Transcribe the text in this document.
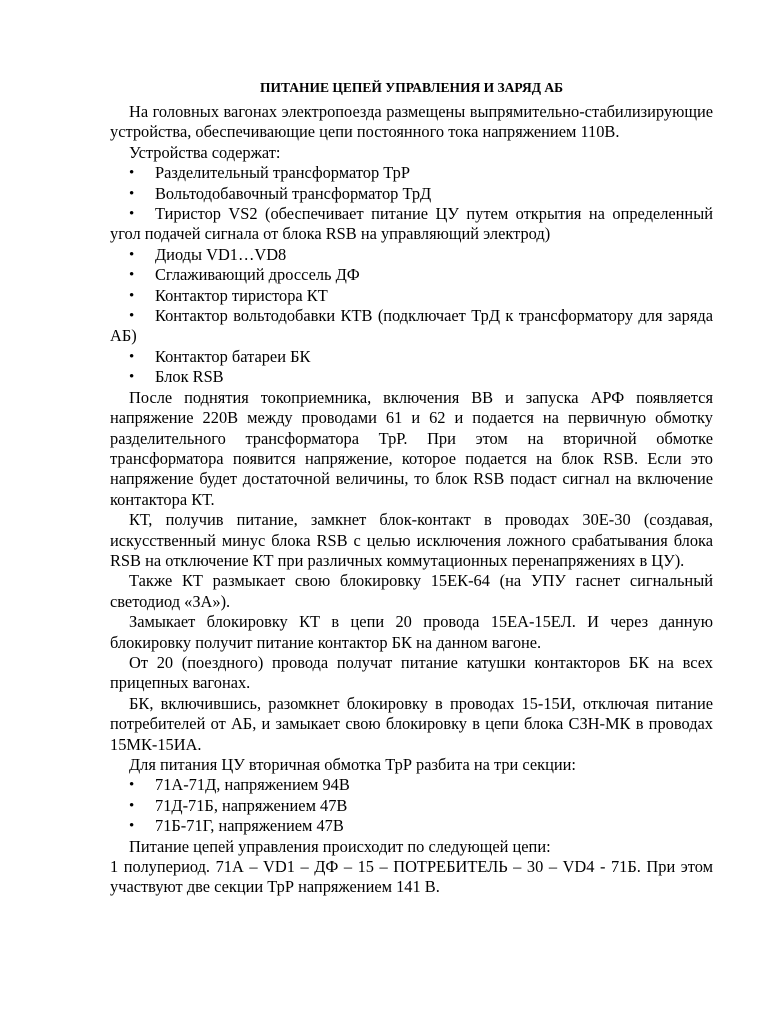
ПИТАНИЕ ЦЕПЕЙ УПРАВЛЕНИЯ И ЗАРЯД АБ

На головных вагонах электропоезда размещены выпрямительно-стабилизирующие устройства, обеспечивающие цепи постоянного тока напряжением 110В.

Устройства содержат:

• Разделительный трансформатор ТрР
• Вольтодобавочный трансформатор ТрД
• Тиристор VS2 (обеспечивает питание ЦУ путем открытия на определенный угол подачей сигнала от блока RSB на управляющий электрод)
• Диоды VD1…VD8
• Сглаживающий дроссель ДФ
• Контактор тиристора КТ
• Контактор вольтодобавки КТВ (подключает ТрД к трансформатору для заряда АБ)
• Контактор батареи БК
• Блок RSB

После поднятия токоприемника, включения ВВ и запуска АРФ появляется напряжение 220В между проводами 61 и 62 и подается на первичную обмотку разделительного трансформатора ТрР. При этом на вторичной обмотке трансформатора появится напряжение, которое подается на блок RSB. Если это напряжение будет достаточной величины, то блок RSB подаст сигнал на включение контактора КТ.

КТ, получив питание, замкнет блок-контакт в проводах 30Е-30 (создавая, искусственный минус блока RSB с целью исключения ложного срабатывания блока RSB на отключение КТ при различных коммутационных перенапряжениях в ЦУ).

Также КТ размыкает свою блокировку 15ЕК-64 (на УПУ гаснет сигнальный светодиод «ЗА»).

Замыкает блокировку КТ в цепи 20 провода 15ЕА-15ЕЛ. И через данную блокировку получит питание контактор БК на данном вагоне.

От 20 (поездного) провода получат питание катушки контакторов БК на всех прицепных вагонах.

БК, включившись, разомкнет блокировку в проводах 15-15И, отключая питание потребителей от АБ, и замыкает свою блокировку в цепи блока СЗН-МК в проводах 15МК-15ИА.

Для питания ЦУ вторичная обмотка ТрР разбита на три секции:

• 71А-71Д, напряжением 94В
• 71Д-71Б, напряжением 47В
• 71Б-71Г, напряжением 47В

Питание цепей управления происходит по следующей цепи:

1 полупериод. 71А – VD1 – ДФ – 15 – ПОТРЕБИТЕЛЬ – 30 – VD4 - 71Б. При этом участвуют две секции ТрР напряжением 141 В.
